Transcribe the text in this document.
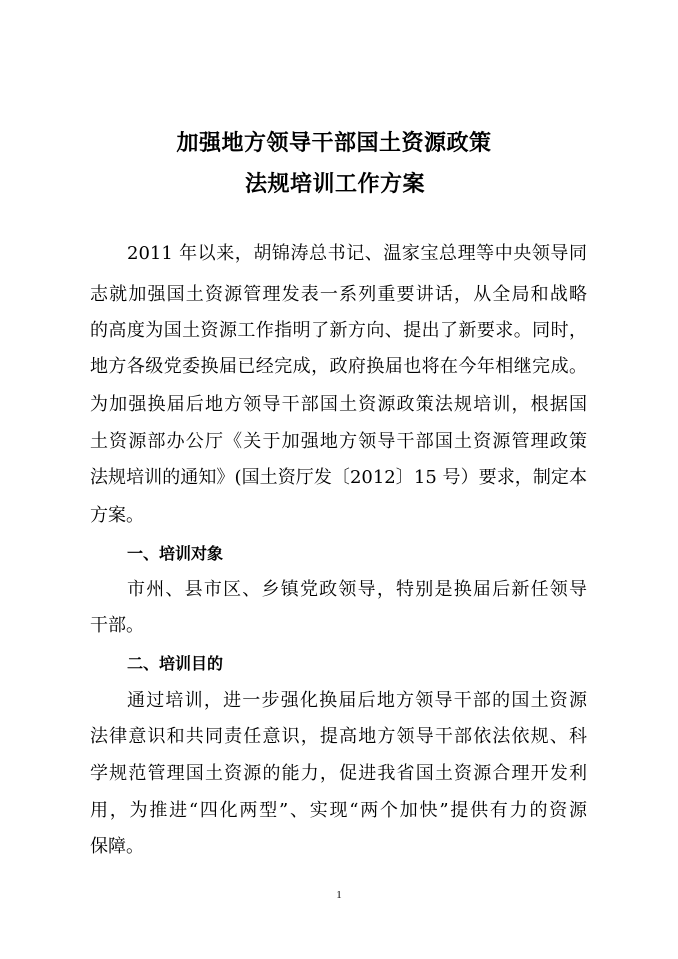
加强地方领导干部国土资源政策
法规培训工作方案
2011 年以来，胡锦涛总书记、温家宝总理等中央领导同
志就加强国土资源管理发表一系列重要讲话，从全局和战略
的高度为国土资源工作指明了新方向、提出了新要求。同时，
地方各级党委换届已经完成，政府换届也将在今年相继完成。
为加强换届后地方领导干部国土资源政策法规培训，根据国
土资源部办公厅《关于加强地方领导干部国土资源管理政策
法规培训的通知》(国土资厅发〔2012〕15 号）要求，制定本
方案。
一、培训对象
市州、县市区、乡镇党政领导，特别是换届后新任领导
干部。
二、培训目的
通过培训，进一步强化换届后地方领导干部的国土资源
法律意识和共同责任意识，提高地方领导干部依法依规、科
学规范管理国土资源的能力，促进我省国土资源合理开发利
用，为推进“四化两型”、实现“两个加快”提供有力的资源
保障。
1
